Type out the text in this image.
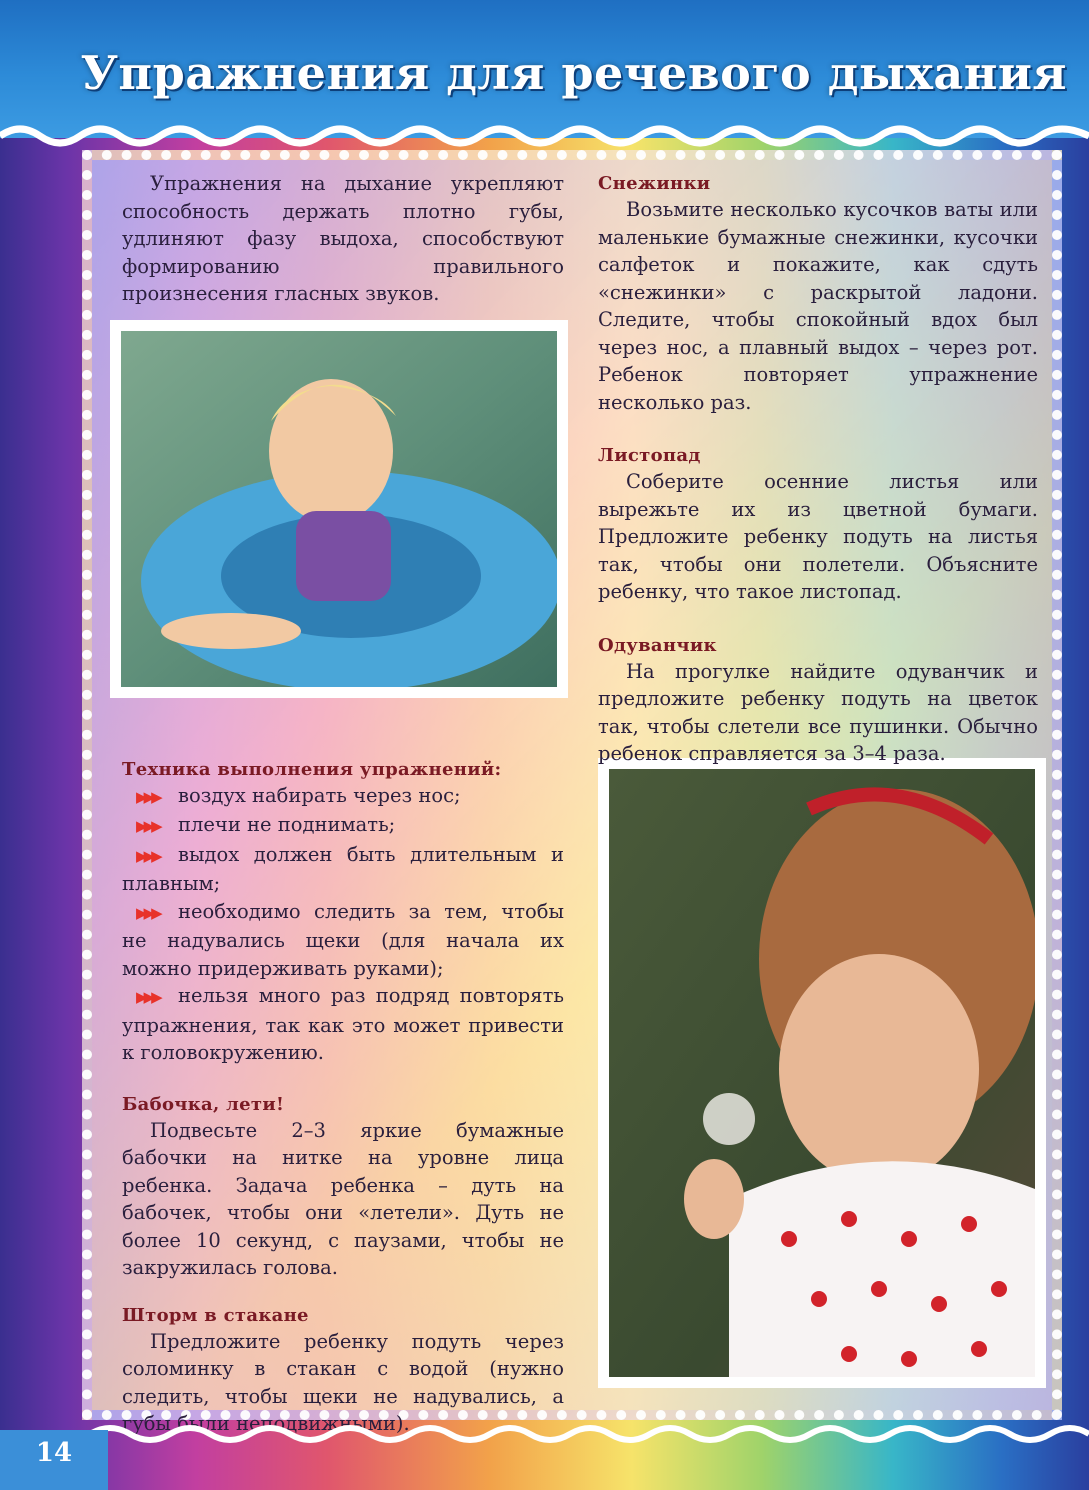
Упражнения для речевого дыхания

Упражнения на дыхание укрепляют способность держать плотно губы, удлиняют фазу выдоха, способствуют формированию правильного произнесения гласных звуков.

Техника выполнения упражнений:
▶▶▶ воздух набирать через нос;
▶▶▶ плечи не поднимать;
▶▶▶ выдох должен быть длительным и плавным;
▶▶▶ необходимо следить за тем, чтобы не надувались щеки (для начала их можно придерживать руками);
▶▶▶ нельзя много раз подряд повторять упражнения, так как это может привести к головокружению.
Бабочка, лети!

Подвесьте 2–3 яркие бумажные бабочки на нитке на уровне лица ребенка. Задача ребенка – дуть на бабочек, чтобы они «летели». Дуть не более 10 секунд, с паузами, чтобы не закружилась голова.

Шторм в стакане

Предложите ребенку подуть через соломинку в стакан с водой (нужно следить, чтобы щеки не надувались, а губы были неподвижными).

Снежинки

Возьмите несколько кусочков ваты или маленькие бумажные снежинки, кусочки салфеток и покажите, как сдуть «снежинки» с раскрытой ладони. Следите, чтобы спокойный вдох был через нос, а плавный выдох – через рот. Ребенок повторяет упражнение несколько раз.

Листопад

Соберите осенние листья или вырежьте их из цветной бумаги. Предложите ребенку подуть на листья так, чтобы они полетели. Объясните ребенку, что такое листопад.

Одуванчик

На прогулке найдите одуванчик и предложите ребенку подуть на цветок так, чтобы слетели все пушинки. Обычно ребенок справляется за 3–4 раза.

14
